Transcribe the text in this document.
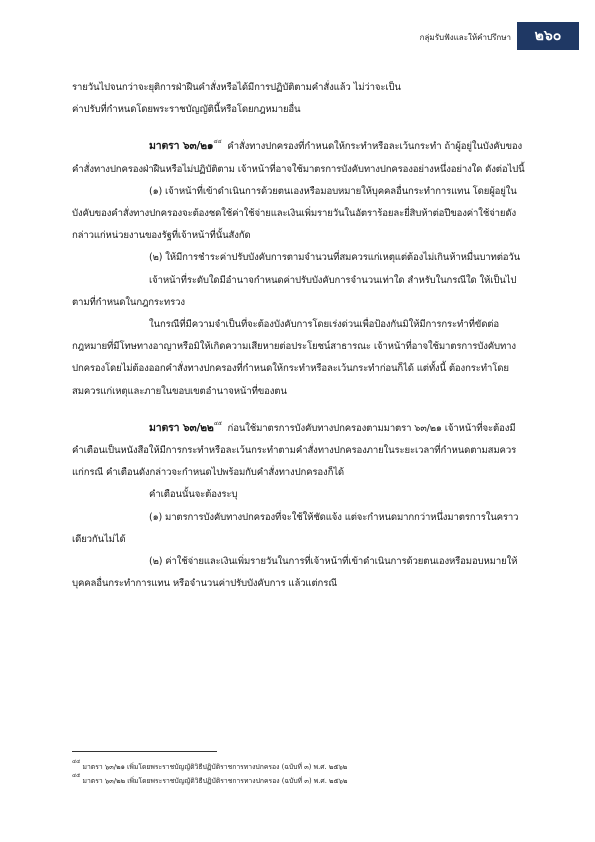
กลุ่มรับฟังและให้คำปรึกษา	๒๖๐

รายวันไปจนกว่าจะยุติการฝ่าฝืนคำสั่งหรือได้มีการปฏิบัติตามคำสั่งแล้ว ไม่ว่าจะเป็น

ค่าปรับที่กำหนดโดยพระราชบัญญัตินี้หรือโดยกฎหมายอื่น

มาตรา ๖๓/๒๑$^{๔๔}$ คำสั่งทางปกครองที่กำหนดให้กระทำหรือละเว้นกระทำ ถ้าผู้อยู่ในบังคับของคำสั่งทางปกครองฝ่าฝืนหรือไม่ปฏิบัติตาม เจ้าหน้าที่อาจใช้มาตรการบังคับทางปกครองอย่างหนึ่งอย่างใด ดังต่อไปนี้

(๑) เจ้าหน้าที่เข้าดำเนินการด้วยตนเองหรือมอบหมายให้บุคคลอื่นกระทำการแทน โดยผู้อยู่ในบังคับของคำสั่งทางปกครองจะต้องชดใช้ค่าใช้จ่ายและเงินเพิ่มรายวันในอัตราร้อยละยี่สิบห้าต่อปีของค่าใช้จ่ายดังกล่าวแก่หน่วยงานของรัฐที่เจ้าหน้าที่นั้นสังกัด

(๒) ให้มีการชำระค่าปรับบังคับการตามจำนวนที่สมควรแก่เหตุแต่ต้องไม่เกินห้าหมื่นบาทต่อวัน

เจ้าหน้าที่ระดับใดมีอำนาจกำหนดค่าปรับบังคับการจำนวนเท่าใด สำหรับในกรณีใด ให้เป็นไปตามที่กำหนดในกฎกระทรวง

ในกรณีที่มีความจำเป็นที่จะต้องบังคับการโดยเร่งด่วนเพื่อป้องกันมิให้มีการกระทำที่ขัดต่อกฎหมายที่มีโทษทางอาญาหรือมิให้เกิดความเสียหายต่อประโยชน์สาธารณะ เจ้าหน้าที่อาจใช้มาตรการบังคับทางปกครองโดยไม่ต้องออกคำสั่งทางปกครองที่กำหนดให้กระทำหรือละเว้นกระทำก่อนก็ได้ แต่ทั้งนี้ ต้องกระทำโดยสมควรแก่เหตุและภายในขอบเขตอำนาจหน้าที่ของตน

มาตรา ๖๓/๒๒$^{๔๕}$ ก่อนใช้มาตรการบังคับทางปกครองตามมาตรา ๖๓/๒๑ เจ้าหน้าที่จะต้องมีคำเตือนเป็นหนังสือให้มีการกระทำหรือละเว้นกระทำตามคำสั่งทางปกครองภายในระยะเวลาที่กำหนดตามสมควรแก่กรณี คำเตือนดังกล่าวจะกำหนดไปพร้อมกับคำสั่งทางปกครองก็ได้

คำเตือนนั้นจะต้องระบุ

(๑) มาตรการบังคับทางปกครองที่จะใช้ให้ชัดแจ้ง แต่จะกำหนดมากกว่าหนึ่งมาตรการในคราวเดียวกันไม่ได้

(๒) ค่าใช้จ่ายและเงินเพิ่มรายวันในการที่เจ้าหน้าที่เข้าดำเนินการด้วยตนเองหรือมอบหมายให้บุคคลอื่นกระทำการแทน หรือจำนวนค่าปรับบังคับการ แล้วแต่กรณี

$^{๔๔}$ มาตรา ๖๓/๒๑ เพิ่มโดยพระราชบัญญัติวิธีปฏิบัติราชการทางปกครอง (ฉบับที่ ๓) พ.ศ. ๒๕๖๒
$^{๔๕}$ มาตรา ๖๓/๒๒ เพิ่มโดยพระราชบัญญัติวิธีปฏิบัติราชการทางปกครอง (ฉบับที่ ๓) พ.ศ. ๒๕๖๒
